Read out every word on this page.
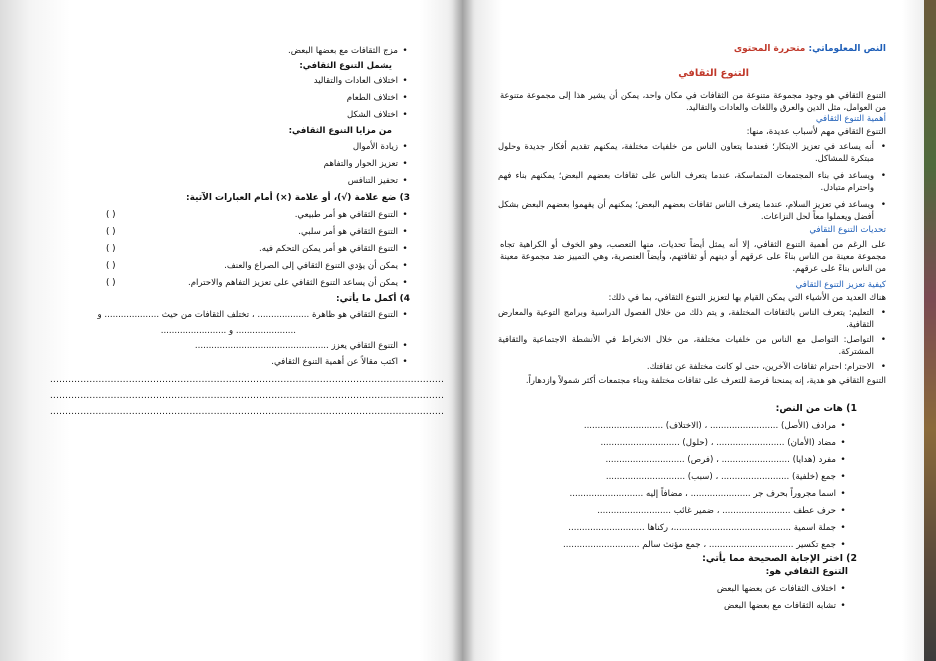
• مزج الثقافات مع بعضها البعض.
يشمل التنوع الثقافي:
• اختلاف العادات والتقاليد
• اختلاف الطعام
• اختلاف الشكل
من مزايا التنوع الثقافي:
• زيادة الأموال
• تعزيز الحوار والتفاهم
• تحفيز التنافس
3) ضع علامة (√)، أو علامة (×) أمام العبارات الآتية:
• التنوع الثقافي هو أمر طبيعي.
( )
• التنوع الثقافي هو أمر سلبي.
( )
• التنوع الثقافي هو أمر يمكن التحكم فيه.
( )
• يمكن أن يؤدي التنوع الثقافي إلى الصراع والعنف.
( )
• يمكن أن يساعد التنوع الثقافي على تعزيز التفاهم والاحترام.
( )
4) أكمل ما يأتي:
• التنوع الثقافي هو ظاهرة ................... ، تختلف الثقافات من حيث .................... و
...................... و ........................
• التنوع الثقافي يعزز .................................................
• اكتب مقالاً عن أهمية التنوع الثقافي.
..................................................................................................................................
..................................................................................................................................
..................................................................................................................................
النص المعلوماتي: متحررة المحتوى
التنوع الثقافي
التنوع الثقافي هو وجود مجموعة متنوعة من الثقافات في مكان واحد، يمكن أن يشير هذا إلى مجموعة متنوعة من العوامل، مثل الدين والعرق واللغات والعادات والتقاليد.
أهمية التنوع الثقافي
التنوع الثقافي مهم لأسباب عديدة، منها:
•
أنه يساعد في تعزيز الابتكار؛ فعندما يتعاون الناس من خلفيات مختلفة، يمكنهم تقديم أفكار جديدة وحلول مبتكرة للمشاكل.
•
ويساعد في بناء المجتمعات المتماسكة، عندما يتعرف الناس على ثقافات بعضهم البعض؛ يمكنهم بناء فهم واحترام متبادل.
•
ويساعد في تعزيز السلام، عندما يتعرف الناس ثقافات بعضهم البعض؛ يمكنهم أن يفهموا بعضهم البعض بشكل أفضل ويعملوا معاً لحل النزاعات.
تحديات التنوع الثقافي
على الرغم من أهمية التنوع الثقافي، إلا أنه يمثل أيضاً تحديات، منها التعصب، وهو الخوف أو الكراهية تجاه مجموعة معينة من الناس بناءً على عرقهم أو دينهم أو ثقافتهم، وأيضاً العنصرية، وهي التمييز ضد مجموعة معينة من الناس بناءً على عرقهم.
كيفية تعزيز التنوع الثقافي
هناك العديد من الأشياء التي يمكن القيام بها لتعزيز التنوع الثقافي، بما في ذلك:
•
التعليم: يتعرف الناس بالثقافات المختلفة، و يتم ذلك من خلال الفصول الدراسية وبرامج التوعية والمعارض الثقافية.
•
التواصل: التواصل مع الناس من خلفيات مختلفة، من خلال الانخراط في الأنشطة الاجتماعية والثقافية المشتركة.
•
الاحترام: احترام ثقافات الآخرين، حتى لو كانت مختلفة عن ثقافتك.
التنوع الثقافي هو هدية، إنه يمنحنا فرصة للتعرف على ثقافات مختلفة وبناء مجتمعات أكثر شمولاً وازدهاراً.
1) هات من النص:
• مرادف (الأصل) ......................... ، (الاختلاف) .............................
• مضاد (الأمان) ......................... ، (حلول) .............................
• مفرد (هدايا) ......................... ، (فرص) .............................
• جمع (خلفية) ......................... ، (سبب) .............................
• اسما مجروراً بحرف جر ...................... ، مضافاً إليه ...........................
• حرف عطف ......................... ، ضمير غائب ...........................
• جملة اسمية ...........................................، ركناها ............................
• جمع تكسير ............................... ، جمع مؤنث سالم ............................
2) اختر الإجابة الصحيحة مما يأتي:
التنوع الثقافي هو:
• اختلاف الثقافات عن بعضها البعض
• تشابه الثقافات مع بعضها البعض
